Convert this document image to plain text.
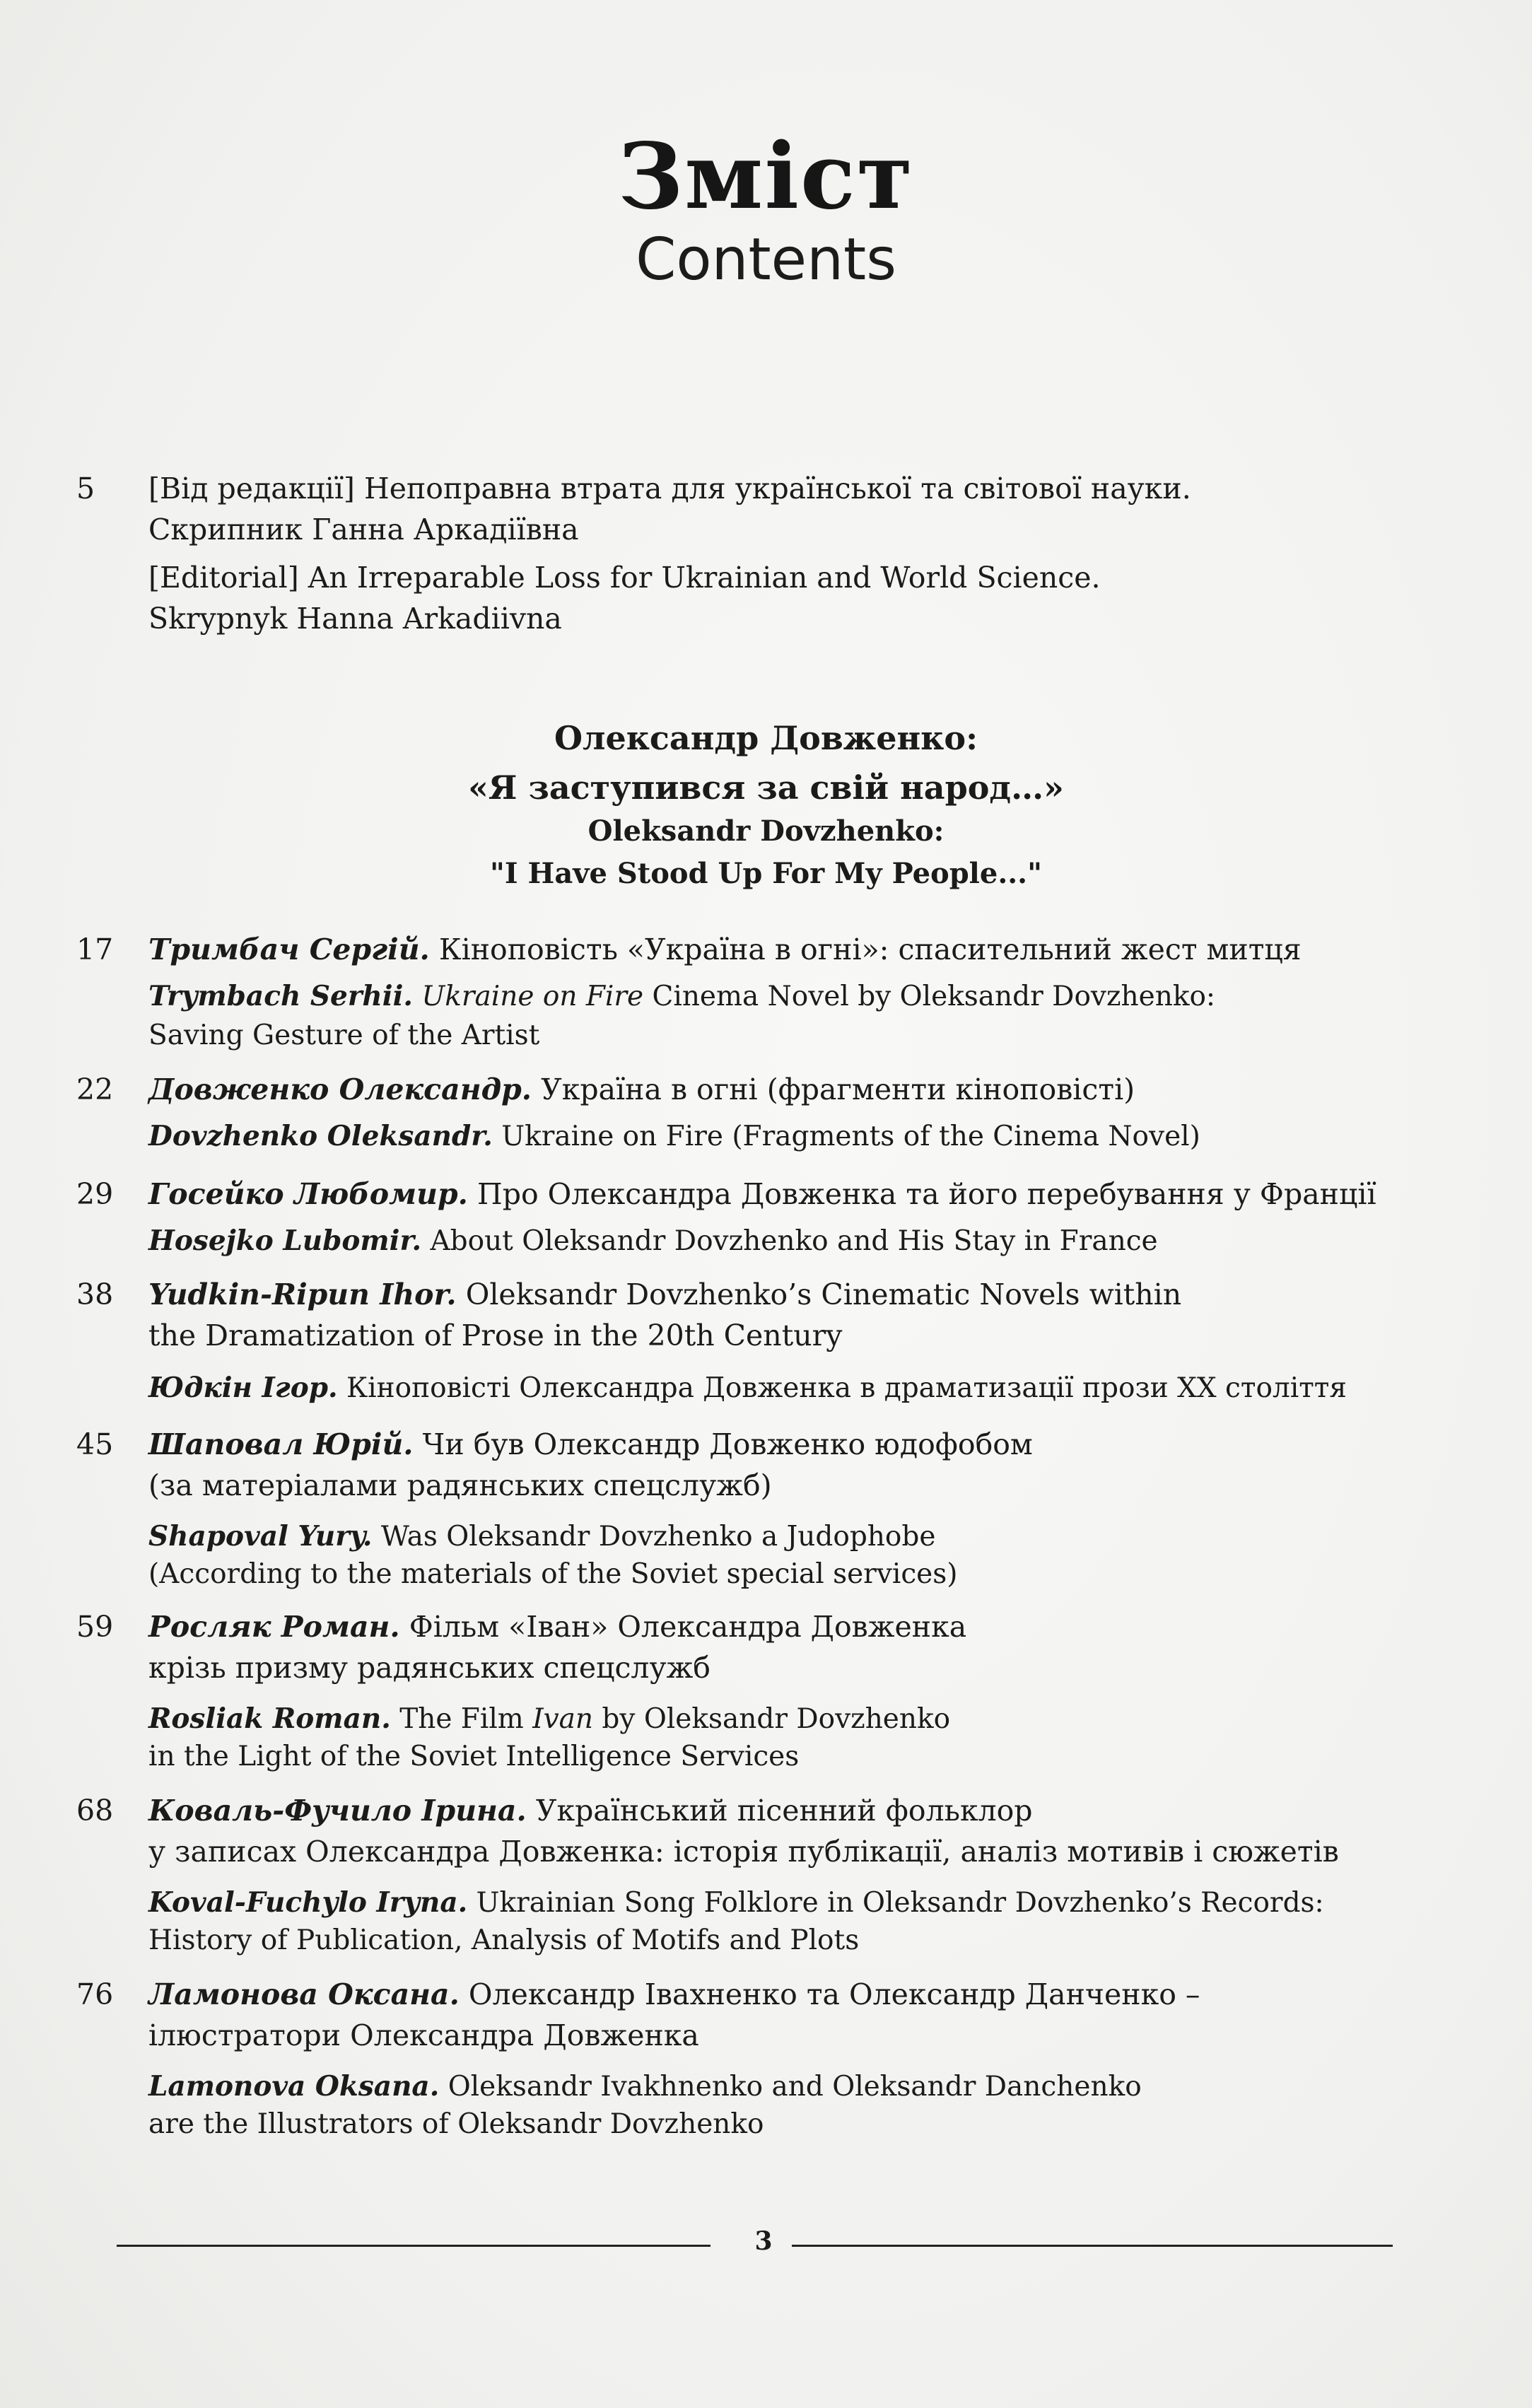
Зміст
Contents
5	[Від редакції] Непоправна втрата для української та світової науки.
Скрипник Ганна Аркадіївна
[Editorial] An Irreparable Loss for Ukrainian and World Science.
Skrypnyk Hanna Arkadiivna
Олександр Довженко:
«Я заступився за свій народ…»
Oleksandr Dovzhenko:
"I Have Stood Up For My People..."
17	Тримбач Сергій. Кіноповість «Україна в огні»: спасительний жест митця
Trymbach Serhii. Ukraine on Fire Cinema Novel by Oleksandr Dovzhenko:
Saving Gesture of the Artist
22	Довженко Олександр. Україна в огні (фрагменти кіноповісті)
Dovzhenko Oleksandr. Ukraine on Fire (Fragments of the Cinema Novel)
29	Госейко Любомир. Про Олександра Довженка та його перебування у Франції
Hosejko Lubomir. About Oleksandr Dovzhenko and His Stay in France
38	Yudkin-Ripun Ihor. Oleksandr Dovzhenko’s Cinematic Novels within
the Dramatization of Prose in the 20th Century
Юдкін Ігор. Кіноповісті Олександра Довженка в драматизації прози XX століття
45	Шаповал Юрій. Чи був Олександр Довженко юдофобом
(за матеріалами радянських спецслужб)
Shapoval Yury. Was Oleksandr Dovzhenko a Judophobe
(According to the materials of the Soviet special services)
59	Росляк Роман. Фільм «Іван» Олександра Довженка
крізь призму радянських спецслужб
Rosliak Roman. The Film Ivan by Oleksandr Dovzhenko
in the Light of the Soviet Intelligence Services
68	Коваль-Фучило Ірина. Український пісенний фольклор
у записах Олександра Довженка: історія публікації, аналіз мотивів і сюжетів
Koval-Fuchylo Iryna. Ukrainian Song Folklore in Oleksandr Dovzhenko’s Records:
History of Publication, Analysis of Motifs and Plots
76	Ламонова Оксана. Олександр Івахненко та Олександр Данченко –
ілюстратори Олександра Довженка
Lamonova Oksana. Oleksandr Ivakhnenko and Oleksandr Danchenko
are the Illustrators of Oleksandr Dovzhenko
3
